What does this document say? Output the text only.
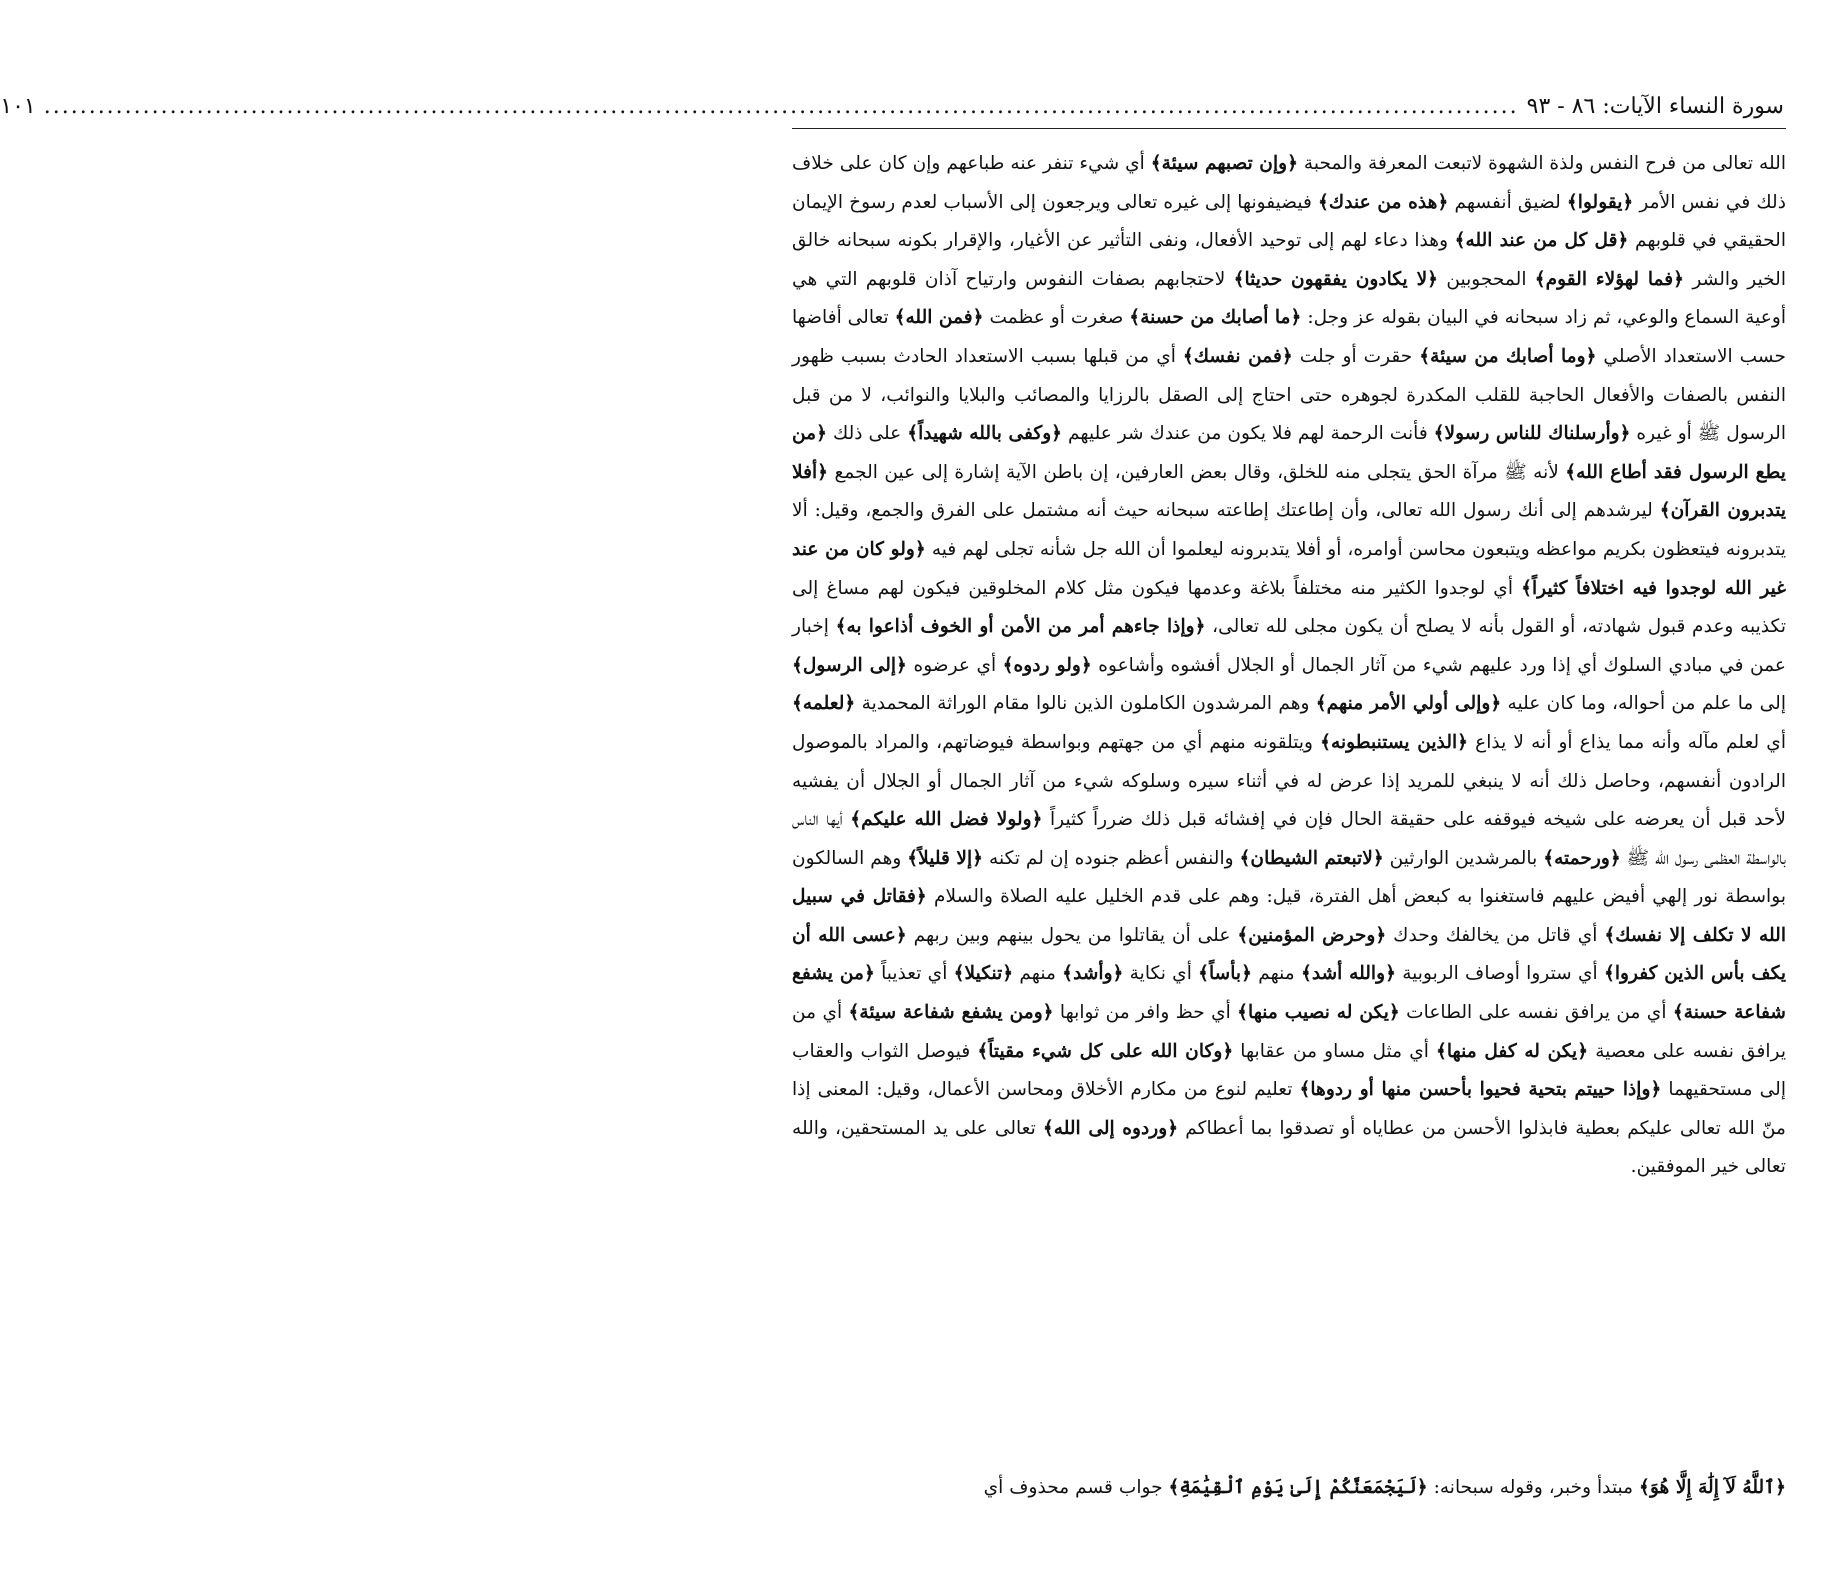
سورة النساء الآيات: ٨٦ - ٩٣
....................................................................................................................................................................
١٠١
الله تعالى من فرح النفس ولذة الشهوة لاتبعت المعرفة والمحبة ﴿وإن تصبهم سيئة﴾ أي شيء تنفر عنه طباعهم وإن كان على خلاف ذلك في نفس الأمر ﴿يقولوا﴾ لضيق أنفسهم ﴿هذه من عندك﴾ فيضيفونها إلى غيره تعالى ويرجعون إلى الأسباب لعدم رسوخ الإيمان الحقيقي في قلوبهم ﴿قل كل من عند الله﴾ وهذا دعاء لهم إلى توحيد الأفعال، ونفى التأثير عن الأغيار، والإقرار بكونه سبحانه خالق الخير والشر ﴿فما لهؤلاء القوم﴾ المحجوبين ﴿لا يكادون يفقهون حديثا﴾ لاحتجابهم بصفات النفوس وارتياح آذان قلوبهم التي هي أوعية السماع والوعي، ثم زاد سبحانه في البيان بقوله عز وجل: ﴿ما أصابك من حسنة﴾ صغرت أو عظمت ﴿فمن الله﴾ تعالى أفاضها حسب الاستعداد الأصلي ﴿وما أصابك من سيئة﴾ حقرت أو جلت ﴿فمن نفسك﴾ أي من قبلها بسبب الاستعداد الحادث بسبب ظهور النفس بالصفات والأفعال الحاجبة للقلب المكدرة لجوهره حتى احتاج إلى الصقل بالرزايا والمصائب والبلايا والنوائب، لا من قبل الرسول ﷺ أو غيره ﴿وأرسلناك للناس رسولا﴾ فأنت الرحمة لهم فلا يكون من عندك شر عليهم ﴿وكفى بالله شهيداً﴾ على ذلك ﴿من يطع الرسول فقد أطاع الله﴾ لأنه ﷺ مرآة الحق يتجلى منه للخلق، وقال بعض العارفين، إن باطن الآية إشارة إلى عين الجمع ﴿أفلا يتدبرون القرآن﴾ ليرشدهم إلى أنك رسول الله تعالى، وأن إطاعتك إطاعته سبحانه حيث أنه مشتمل على الفرق والجمع، وقيل: ألا يتدبرونه فيتعظون بكريم مواعظه ويتبعون محاسن أوامره، أو أفلا يتدبرونه ليعلموا أن الله جل شأنه تجلى لهم فيه ﴿ولو كان من عند غير الله لوجدوا فيه اختلافاً كثيراً﴾ أي لوجدوا الكثير منه مختلفاً بلاغة وعدمها فيكون مثل كلام المخلوقين فيكون لهم مساغ إلى تكذيبه وعدم قبول شهادته، أو القول بأنه لا يصلح أن يكون مجلى لله تعالى، ﴿وإذا جاءهم أمر من الأمن أو الخوف أذاعوا به﴾ إخبار عمن في مبادي السلوك أي إذا ورد عليهم شيء من آثار الجمال أو الجلال أفشوه وأشاعوه ﴿ولو ردوه﴾ أي عرضوه ﴿إلى الرسول﴾ إلى ما علم من أحواله، وما كان عليه ﴿وإلى أولي الأمر منهم﴾ وهم المرشدون الكاملون الذين نالوا مقام الوراثة المحمدية ﴿لعلمه﴾ أي لعلم مآله وأنه مما يذاع أو أنه لا يذاع ﴿الذين يستنبطونه﴾ ويتلقونه منهم أي من جهتهم وبواسطة فيوضاتهم، والمراد بالموصول الرادون أنفسهم، وحاصل ذلك أنه لا ينبغي للمريد إذا عرض له في أثناء سيره وسلوكه شيء من آثار الجمال أو الجلال أن يفشيه لأحد قبل أن يعرضه على شيخه فيوقفه على حقيقة الحال فإن في إفشائه قبل ذلك ضرراً كثيراً ﴿ولولا فضل الله عليكم﴾ أيها الناس بالواسطة العظمى رسول الله ﷺ ﴿ورحمته﴾ بالمرشدين الوارثين ﴿لاتبعتم الشيطان﴾ والنفس أعظم جنوده إن لم تكنه ﴿إلا قليلاً﴾ وهم السالكون بواسطة نور إلهي أفيض عليهم فاستغنوا به كبعض أهل الفترة، قيل: وهم على قدم الخليل عليه الصلاة والسلام ﴿فقاتل في سبيل الله لا تكلف إلا نفسك﴾ أي قاتل من يخالفك وحدك ﴿وحرض المؤمنين﴾ على أن يقاتلوا من يحول بينهم وبين ربهم ﴿عسى الله أن يكف بأس الذين كفروا﴾ أي ستروا أوصاف الربوبية ﴿والله أشد﴾ منهم ﴿بأساً﴾ أي نكاية ﴿وأشد﴾ منهم ﴿تنكيلا﴾ أي تعذيباً ﴿من يشفع شفاعة حسنة﴾ أي من يرافق نفسه على الطاعات ﴿يكن له نصيب منها﴾ أي حظ وافر من ثوابها ﴿ومن يشفع شفاعة سيئة﴾ أي من يرافق نفسه على معصية ﴿يكن له كفل منها﴾ أي مثل مساو من عقابها ﴿وكان الله على كل شيء مقيتاً﴾ فيوصل الثواب والعقاب إلى مستحقيهما ﴿وإذا حييتم بتحية فحيوا بأحسن منها أو ردوها﴾ تعليم لنوع من مكارم الأخلاق ومحاسن الأعمال، وقيل: المعنى إذا منّ الله تعالى عليكم بعطية فابذلوا الأحسن من عطاياه أو تصدقوا بما أعطاكم ﴿وردوه إلى الله﴾ تعالى على يد المستحقين، والله تعالى خير الموفقين.
﴿ٱللَّهُ لَآ إِلَٰهَ إِلَّا هُوَ﴾ مبتدأ وخبر، وقوله سبحانه: ﴿لَيَجْمَعَنَّكُمْ إِلَىٰ يَوْمِ ٱلْقِيَٰمَةِ﴾ جواب قسم محذوف أي
